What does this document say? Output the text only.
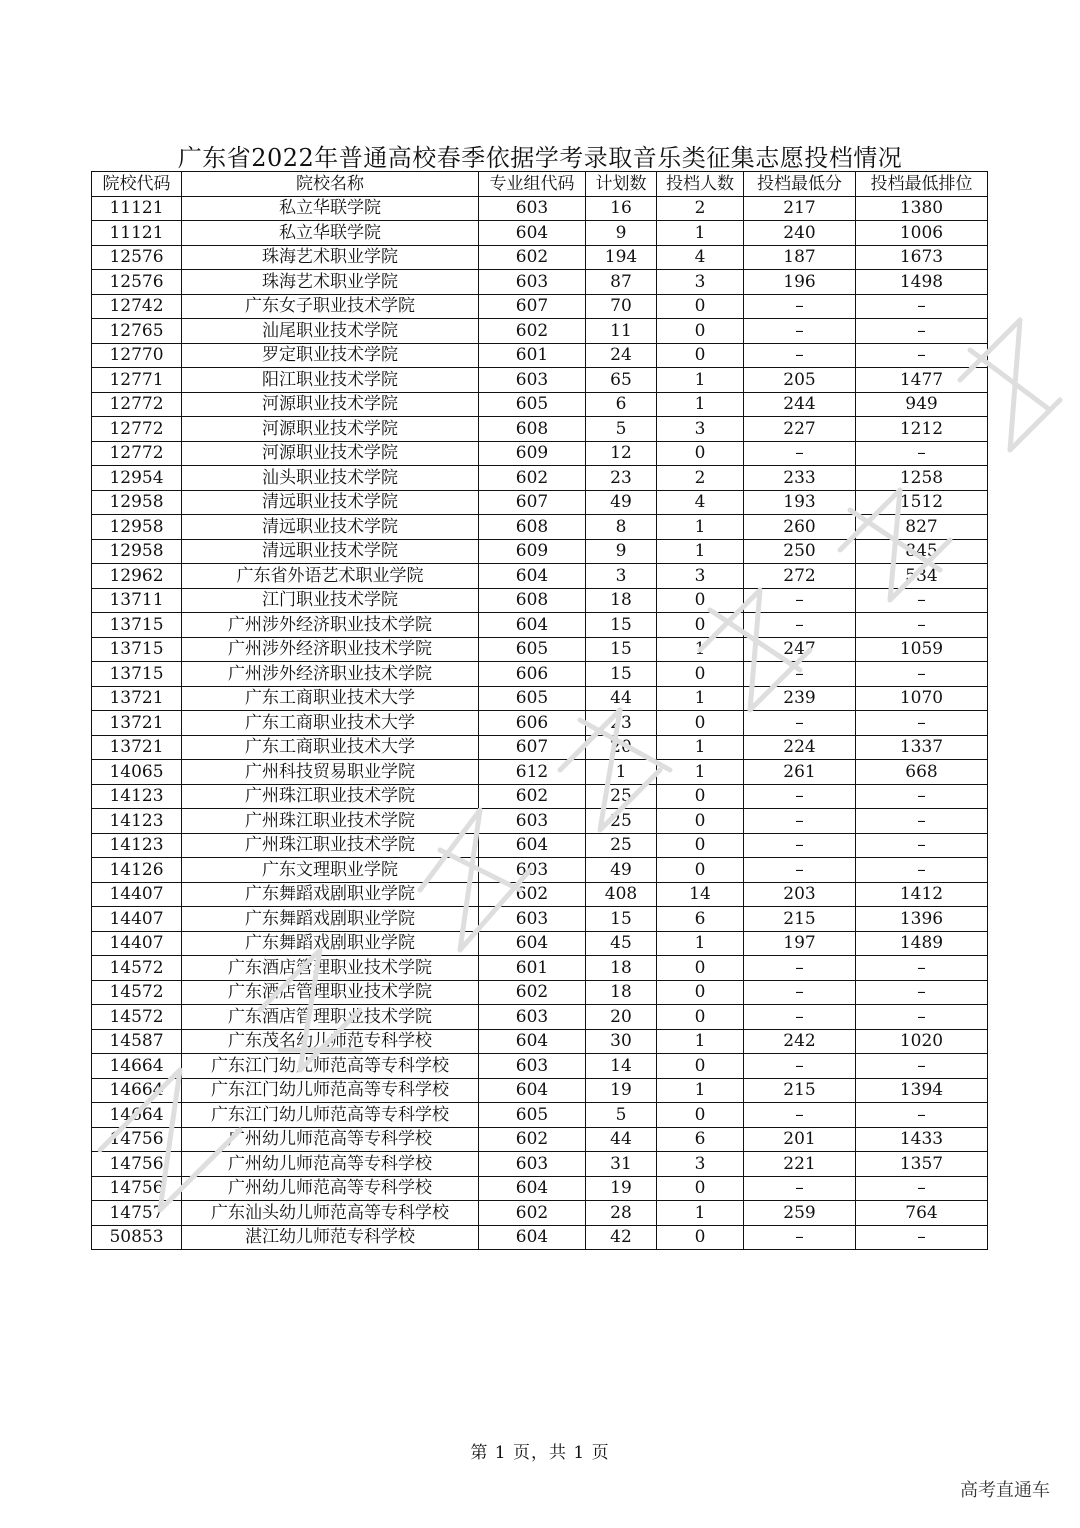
广东省2022年普通高校春季依据学考录取音乐类征集志愿投档情况
院校代码	院校名称	专业组代码	计划数	投档人数	投档最低分	投档最低排位
11121	私立华联学院	603	16	2	217	1380
11121	私立华联学院	604	9	1	240	1006
12576	珠海艺术职业学院	602	194	4	187	1673
12576	珠海艺术职业学院	603	87	3	196	1498
12742	广东女子职业技术学院	607	70	0	–	–
12765	汕尾职业技术学院	602	11	0	–	–
12770	罗定职业技术学院	601	24	0	–	–
12771	阳江职业技术学院	603	65	1	205	1477
12772	河源职业技术学院	605	6	1	244	949
12772	河源职业技术学院	608	5	3	227	1212
12772	河源职业技术学院	609	12	0	–	–
12954	汕头职业技术学院	602	23	2	233	1258
12958	清远职业技术学院	607	49	4	193	1512
12958	清远职业技术学院	608	8	1	260	827
12958	清远职业技术学院	609	9	1	250	845
12962	广东省外语艺术职业学院	604	3	3	272	534
13711	江门职业技术学院	608	18	0	–	–
13715	广州涉外经济职业技术学院	604	15	0	–	–
13715	广州涉外经济职业技术学院	605	15	1	247	1059
13715	广州涉外经济职业技术学院	606	15	0	–	–
13721	广东工商职业技术大学	605	44	1	239	1070
13721	广东工商职业技术大学	606	23	0	–	–
13721	广东工商职业技术大学	607	20	1	224	1337
14065	广州科技贸易职业学院	612	1	1	261	668
14123	广州珠江职业技术学院	602	25	0	–	–
14123	广州珠江职业技术学院	603	25	0	–	–
14123	广州珠江职业技术学院	604	25	0	–	–
14126	广东文理职业学院	603	49	0	–	–
14407	广东舞蹈戏剧职业学院	602	408	14	203	1412
14407	广东舞蹈戏剧职业学院	603	15	6	215	1396
14407	广东舞蹈戏剧职业学院	604	45	1	197	1489
14572	广东酒店管理职业技术学院	601	18	0	–	–
14572	广东酒店管理职业技术学院	602	18	0	–	–
14572	广东酒店管理职业技术学院	603	20	0	–	–
14587	广东茂名幼儿师范专科学校	604	30	1	242	1020
14664	广东江门幼儿师范高等专科学校	603	14	0	–	–
14664	广东江门幼儿师范高等专科学校	604	19	1	215	1394
14664	广东江门幼儿师范高等专科学校	605	5	0	–	–
14756	广州幼儿师范高等专科学校	602	44	6	201	1433
14756	广州幼儿师范高等专科学校	603	31	3	221	1357
14756	广州幼儿师范高等专科学校	604	19	0	–	–
14757	广东汕头幼儿师范高等专科学校	602	28	1	259	764
50853	湛江幼儿师范专科学校	604	42	0	–	–
第 1 页，共 1 页
高考直通车
